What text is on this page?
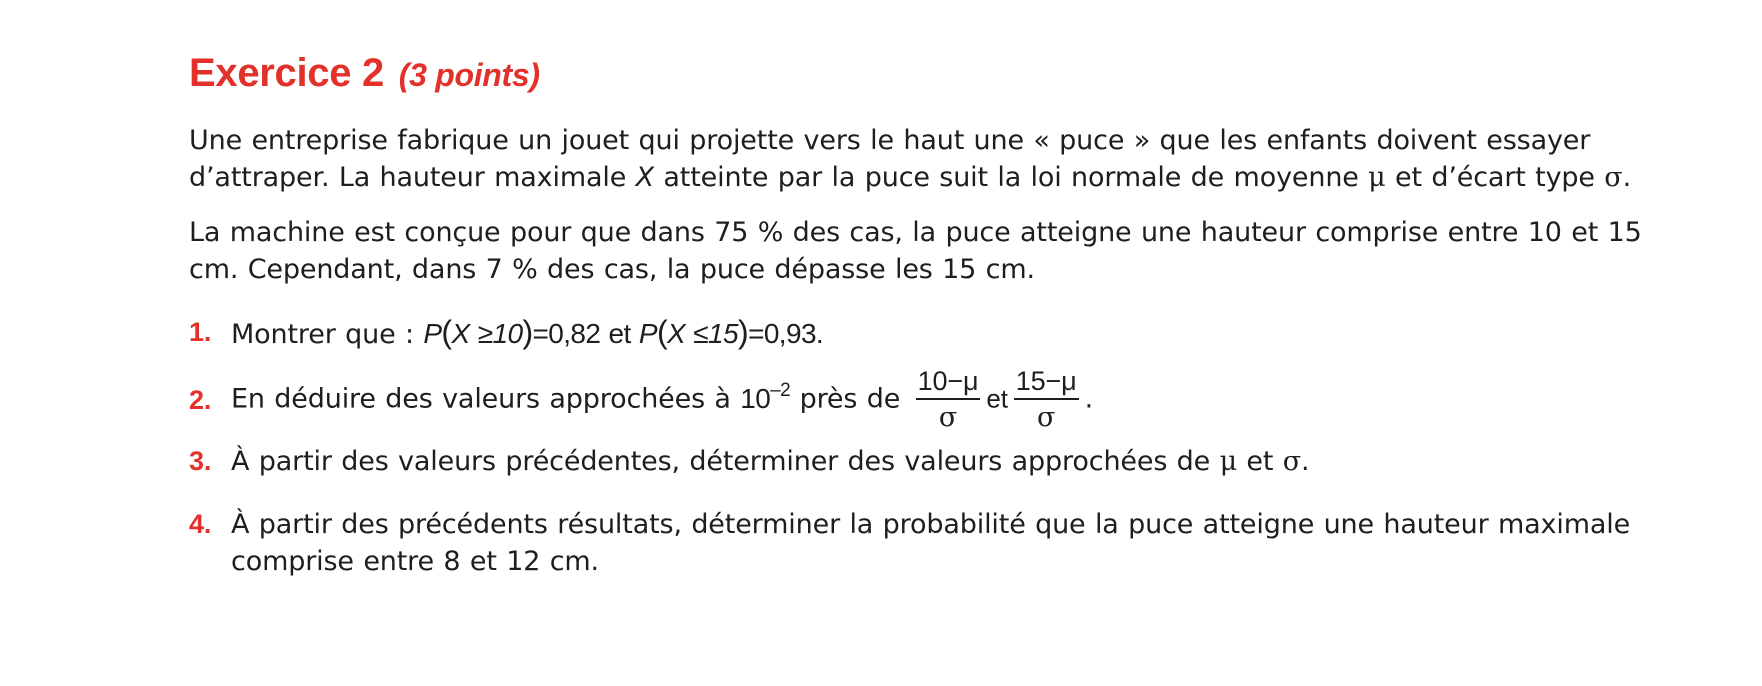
Exercice 2 (3 points)

Une entreprise fabrique un jouet qui projette vers le haut une « puce » que les enfants doivent essayer d’attraper. La hauteur maximale X atteinte par la puce suit la loi normale de moyenne μ et d’écart type σ.

La machine est conçue pour que dans 75 % des cas, la puce atteigne une hauteur comprise entre 10 et 15 cm. Cependant, dans 7 % des cas, la puce dépasse les 15 cm.

1. Montrer que : P(X ≥10)=0,82 et P(X ≤15)=0,93.
2. En déduire des valeurs approchées à $10^{-2}$ près de $\frac{10-\mu}{\sigma}$ et $\frac{15-\mu}{\sigma}$ .
3. À partir des valeurs précédentes, déterminer des valeurs approchées de μ et σ.
4. À partir des précédents résultats, déterminer la probabilité que la puce atteigne une hauteur maximale comprise entre 8 et 12 cm.
